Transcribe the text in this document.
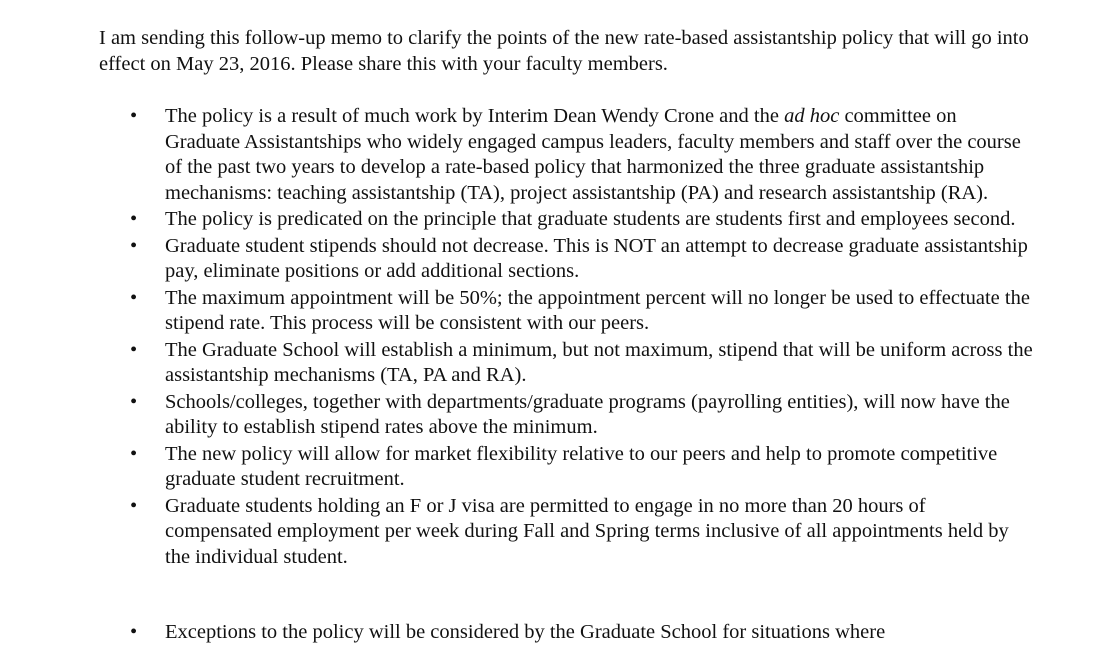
I am sending this follow-up memo to clarify the points of the new rate-based assistantship policy that will go into effect on May 23, 2016. Please share this with your faculty members.

• The policy is a result of much work by Interim Dean Wendy Crone and the ad hoc committee on Graduate Assistantships who widely engaged campus leaders, faculty members and staff over the course of the past two years to develop a rate-based policy that harmonized the three graduate assistantship mechanisms: teaching assistantship (TA), project assistantship (PA) and research assistantship (RA).
• The policy is predicated on the principle that graduate students are students first and employees second.
• Graduate student stipends should not decrease. This is NOT an attempt to decrease graduate assistantship pay, eliminate positions or add additional sections.
• The maximum appointment will be 50%; the appointment percent will no longer be used to effectuate the stipend rate. This process will be consistent with our peers.
• The Graduate School will establish a minimum, but not maximum, stipend that will be uniform across the assistantship mechanisms (TA, PA and RA).
• Schools/colleges, together with departments/graduate programs (payrolling entities), will now have the ability to establish stipend rates above the minimum.
• The new policy will allow for market flexibility relative to our peers and help to promote competitive graduate student recruitment.
• Graduate students holding an F or J visa are permitted to engage in no more than 20 hours of compensated employment per week during Fall and Spring terms inclusive of all appointments held by the individual student.
• Exceptions to the policy will be considered by the Graduate School for situations where
